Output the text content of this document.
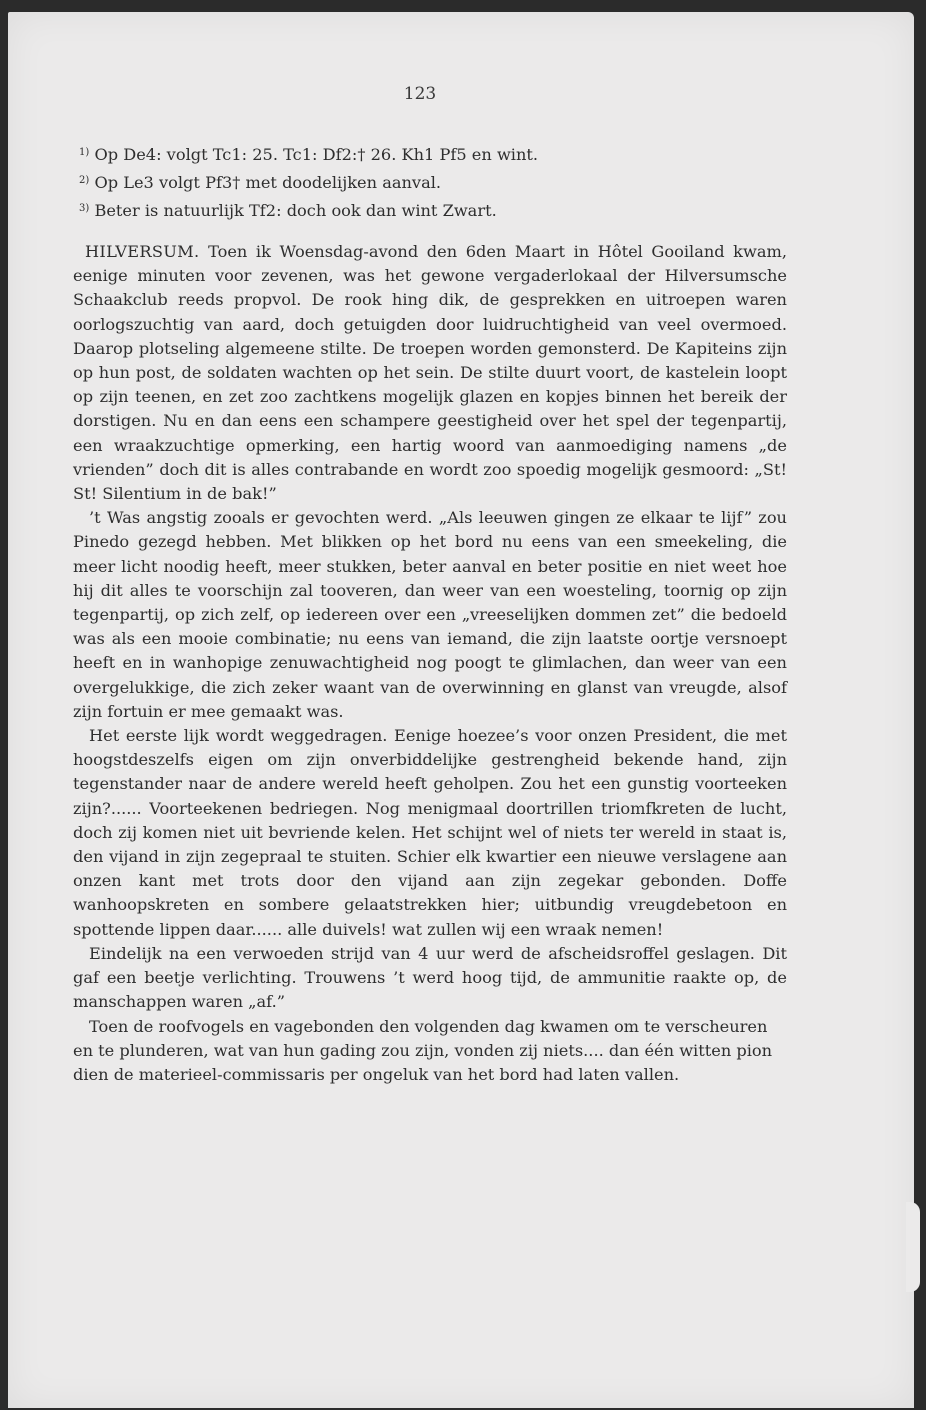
123
$^{1)}$ Op De4: volgt Tc1: 25. Tc1: Df2:† 26. Kh1 Pf5 en wint.
$^{2)}$ Op Le3 volgt Pf3† met doodelijken aanval.
$^{3)}$ Beter is natuurlijk Tf2: doch ook dan wint Zwart.

HILVERSUM. Toen ik Woensdag-avond den 6den Maart in Hôtel Gooiland kwam, eenige minuten voor zevenen, was het gewone vergaderlokaal der Hilversumsche Schaakclub reeds propvol. De rook hing dik, de gesprekken en uitroepen waren oorlogszuchtig van aard, doch getuigden door luidruchtigheid van veel overmoed. Daarop plotseling algemeene stilte. De troepen worden gemonsterd. De Kapiteins zijn op hun post, de soldaten wachten op het sein. De stilte duurt voort, de kastelein loopt op zijn teenen, en zet zoo zachtkens mogelijk glazen en kopjes binnen het bereik der dorstigen. Nu en dan eens een schampere geestigheid over het spel der tegenpartij, een wraakzuchtige opmerking, een hartig woord van aanmoediging namens „de vrienden” doch dit is alles contrabande en wordt zoo spoedig mogelijk gesmoord: „St! St! Silentium in de bak!”

’t Was angstig zooals er gevochten werd. „Als leeuwen gingen ze elkaar te lijf” zou Pinedo gezegd hebben. Met blikken op het bord nu eens van een smeekeling, die meer licht noodig heeft, meer stukken, beter aanval en beter positie en niet weet hoe hij dit alles te voorschijn zal tooveren, dan weer van een woesteling, toornig op zijn tegenpartij, op zich zelf, op iedereen over een „vreeselijken dommen zet” die bedoeld was als een mooie combinatie; nu eens van iemand, die zijn laatste oortje versnoept heeft en in wanhopige zenuwachtigheid nog poogt te glimlachen, dan weer van een overgelukkige, die zich zeker waant van de overwinning en glanst van vreugde, alsof zijn fortuin er mee gemaakt was.

Het eerste lijk wordt weggedragen. Eenige hoezee’s voor onzen President, die met hoogstdeszelfs eigen om zijn onverbiddelijke gestrengheid bekende hand, zijn tegenstander naar de andere wereld heeft geholpen. Zou het een gunstig voorteeken zijn?...... Voorteekenen bedriegen. Nog menigmaal doortrillen triomfkreten de lucht, doch zij komen niet uit bevriende kelen. Het schijnt wel of niets ter wereld in staat is, den vijand in zijn zegepraal te stuiten. Schier elk kwartier een nieuwe verslagene aan onzen kant met trots door den vijand aan zijn zegekar gebonden. Doffe wanhoopskreten en sombere gelaatstrekken hier; uitbundig vreugdebetoon en spottende lippen daar...... alle duivels! wat zullen wij een wraak nemen!

Eindelijk na een verwoeden strijd van 4 uur werd de afscheidsroffel geslagen. Dit gaf een beetje verlichting. Trouwens ’t werd hoog tijd, de ammunitie raakte op, de manschappen waren „af.”

Toen de roofvogels en vagebonden den volgenden dag kwamen om te verscheuren en te plunderen, wat van hun gading zou zijn, vonden zij niets.... dan één witten pion dien de materieel-commissaris per ongeluk van het bord had laten vallen.
